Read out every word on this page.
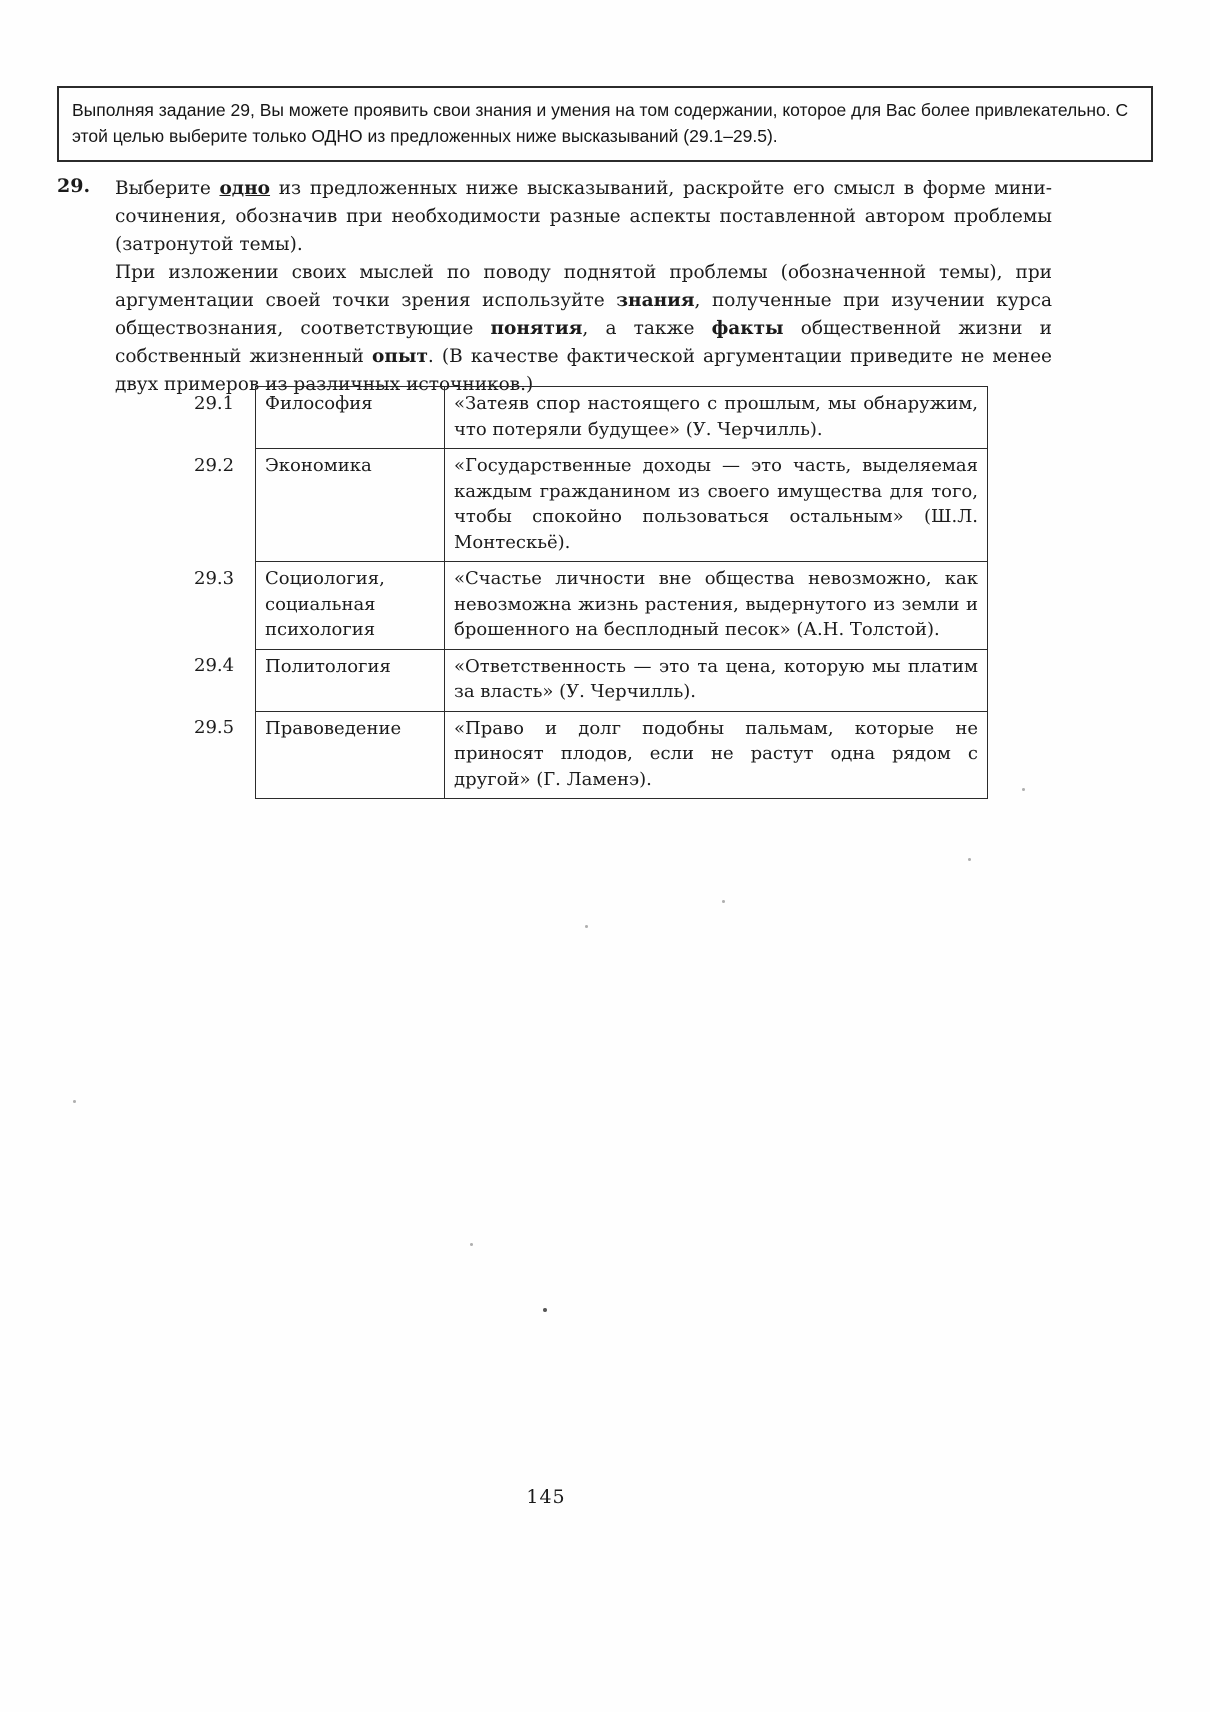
Выполняя задание 29, Вы можете проявить свои знания и умения на том содержании, которое для Вас более привлекательно. С этой целью выберите только ОДНО из предложенных ниже высказываний (29.1–29.5).
29. Выберите одно из предложенных ниже высказываний, раскройте его смысл в форме мини-сочинения, обозначив при необходимости разные аспекты поставленной автором проблемы (затронутой темы).

При изложении своих мыслей по поводу поднятой проблемы (обозначенной темы), при аргументации своей точки зрения используйте знания, полученные при изучении курса обществознания, соответствующие понятия, а также факты общественной жизни и собственный жизненный опыт. (В качестве фактической аргументации приведите не менее двух примеров из различных источников.)

29.1	Философия	«Затеяв спор настоящего с прошлым, мы обнаружим, что потеряли будущее» (У. Черчилль).
29.2	Экономика	«Государственные доходы — это часть, выделяемая каждым гражданином из своего имущества для того, чтобы спокойно пользоваться остальным» (Ш.Л. Монтескьё).
29.3	Социология, социальная психология	«Счастье личности вне общества невозможно, как невозможна жизнь растения, выдернутого из земли и брошенного на бесплодный песок» (А.Н. Толстой).
29.4	Политология	«Ответственность — это та цена, которую мы платим за власть» (У. Черчилль).
29.5	Правоведение	«Право и долг подобны пальмам, которые не приносят плодов, если не растут одна рядом с другой» (Г. Ламенэ).
145
